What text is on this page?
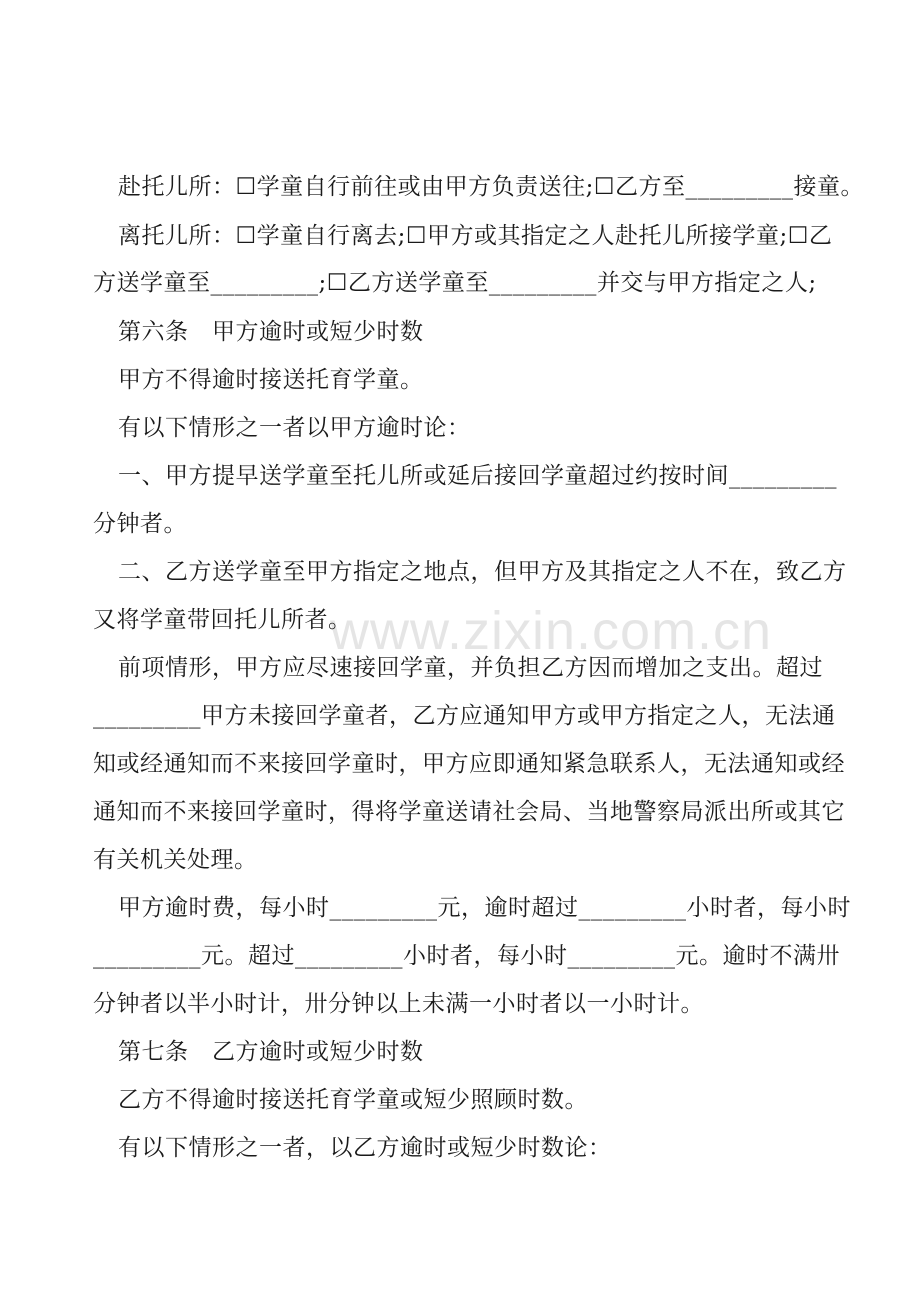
www.zixin.com.cn
赴托儿所：☐学童自行前往或由甲方负责送往;☐乙方至_________接童。
离托儿所：☐学童自行离去;☐甲方或其指定之人赴托儿所接学童;☐乙
方送学童至_________;☐乙方送学童至_________并交与甲方指定之人;
第六条　甲方逾时或短少时数
甲方不得逾时接送托育学童。
有以下情形之一者以甲方逾时论：
一、甲方提早送学童至托儿所或延后接回学童超过约按时间_________
分钟者。
二、乙方送学童至甲方指定之地点，但甲方及其指定之人不在，致乙方
又将学童带回托儿所者。
前项情形，甲方应尽速接回学童，并负担乙方因而增加之支出。超过
_________甲方未接回学童者，乙方应通知甲方或甲方指定之人，无法通
知或经通知而不来接回学童时，甲方应即通知紧急联系人，无法通知或经
通知而不来接回学童时，得将学童送请社会局、当地警察局派出所或其它
有关机关处理。
甲方逾时费，每小时_________元，逾时超过_________小时者，每小时
_________元。超过_________小时者，每小时_________元。逾时不满卅
分钟者以半小时计，卅分钟以上未满一小时者以一小时计。
第七条　乙方逾时或短少时数
乙方不得逾时接送托育学童或短少照顾时数。
有以下情形之一者，以乙方逾时或短少时数论：
